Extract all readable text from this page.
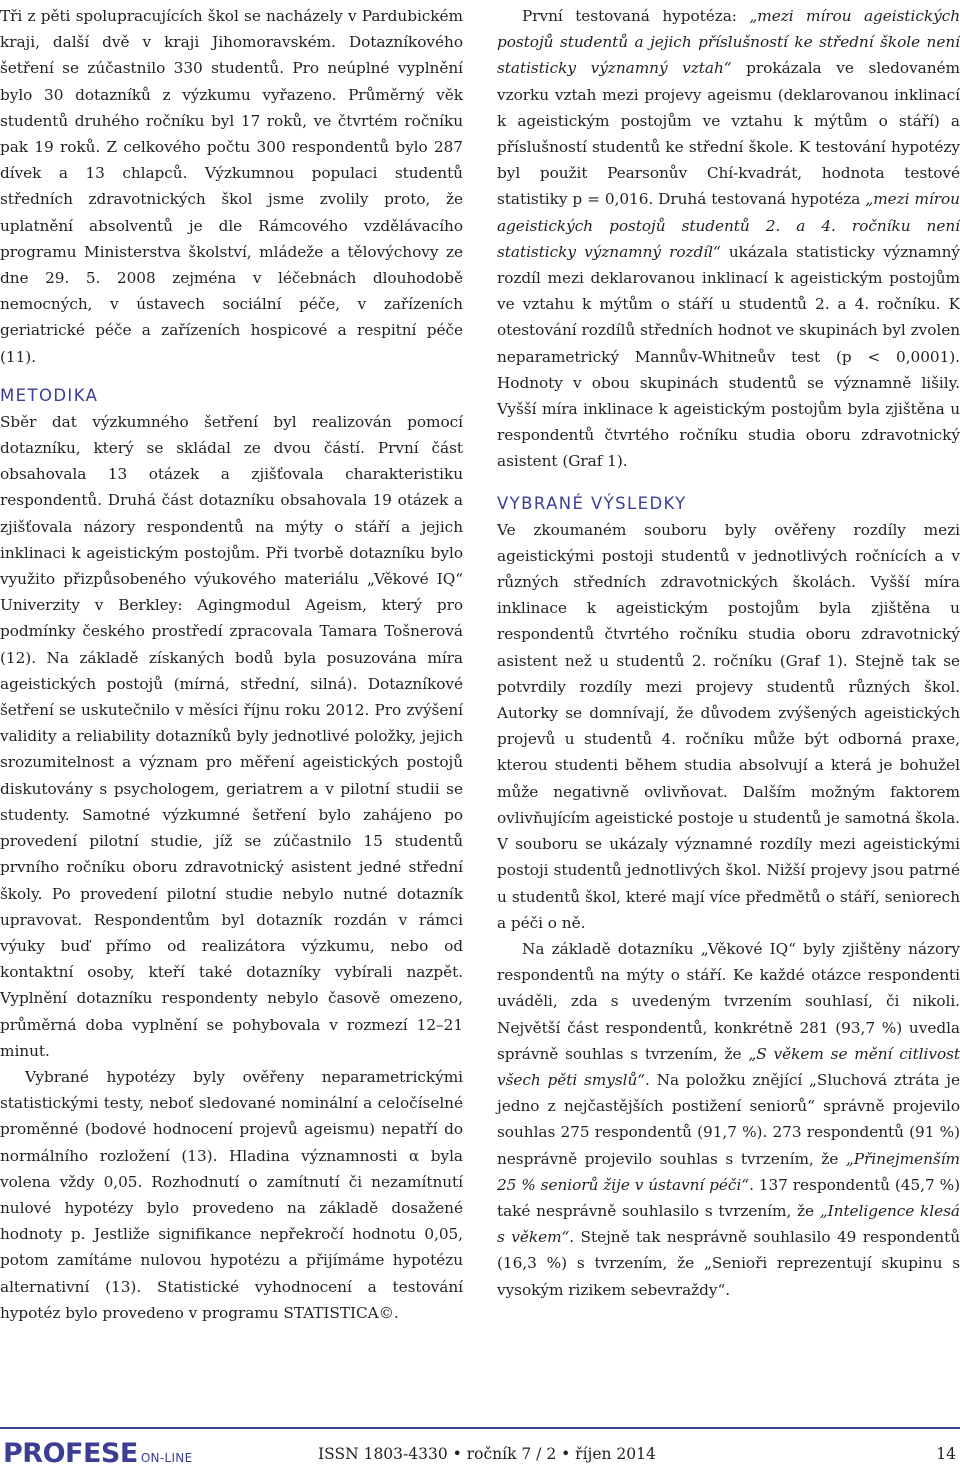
Tři z pěti spolupracujících škol se nacházely v Pardubickém kraji, další dvě v kraji Jihomoravském. Dotazníkového šetření se zúčastnilo 330 studentů. Pro neúplné vyplnění bylo 30 dotazníků z výzkumu vyřazeno. Průměrný věk studentů druhého ročníku byl 17 roků, ve čtvrtém ročníku pak 19 roků. Z celkového počtu 300 respondentů bylo 287 dívek a 13 chlapců. Výzkumnou populaci studentů středních zdravotnických škol jsme zvolily proto, že uplatnění absolventů je dle Rámcového vzdělávacího programu Ministerstva školství, mládeže a tělovýchovy ze dne 29. 5. 2008 zejména v léčebnách dlouhodobě nemocných, v ústavech sociální péče, v zařízeních geriatrické péče a zařízeních hospicové a respitní péče (11).

METODIKA

Sběr dat výzkumného šetření byl realizován pomocí dotazníku, který se skládal ze dvou částí. První část obsahovala 13 otázek a zjišťovala charakteristiku respondentů. Druhá část dotazníku obsahovala 19 otázek a zjišťovala názory respondentů na mýty o stáří a jejich inklinaci k ageistickým postojům. Při tvorbě dotazníku bylo využito přizpůsobeného výukového materiálu „Věkové IQ“ Univerzity v Berkley: Agingmodul Ageism, který pro podmínky českého prostředí zpracovala Tamara Tošnerová (12). Na základě získaných bodů byla posuzována míra ageistických postojů (mírná, střední, silná). Dotazníkové šetření se uskutečnilo v měsíci říjnu roku 2012. Pro zvýšení validity a reliability dotazníků byly jednotlivé položky, jejich srozumitelnost a význam pro měření ageistických postojů diskutovány s psychologem, geriatrem a v pilotní studii se studenty. Samotné výzkumné šetření bylo zahájeno po provedení pilotní studie, jíž se zúčastnilo 15 studentů prvního ročníku oboru zdravotnický asistent jedné střední školy. Po provedení pilotní studie nebylo nutné dotazník upravovat. Respondentům byl dotazník rozdán v rámci výuky buď přímo od realizátora výzkumu, nebo od kontaktní osoby, kteří také dotazníky vybírali nazpět. Vyplnění dotazníku respondenty nebylo časově omezeno, průměrná doba vyplnění se pohybovala v rozmezí 12–21 minut.

Vybrané hypotézy byly ověřeny neparametrickými statistickými testy, neboť sledované nominální a celočíselné proměnné (bodové hodnocení projevů ageismu) nepatří do normálního rozložení (13). Hladina významnosti α byla volena vždy 0,05. Rozhodnutí o zamítnutí či nezamítnutí nulové hypotézy bylo provedeno na základě dosažené hodnoty p. Jestliže signifikance nepřekročí hodnotu 0,05, potom zamítáme nulovou hypotézu a přijímáme hypotézu alternativní (13). Statistické vyhodnocení a testování hypotéz bylo provedeno v programu STATISTICA©.

První testovaná hypotéza: „mezi mírou ageistických postojů studentů a jejich příslušností ke střední škole není statisticky významný vztah“ prokázala ve sledovaném vzorku vztah mezi projevy ageismu (deklarovanou inklinací k ageistickým postojům ve vztahu k mýtům o stáří) a příslušností studentů ke střední škole. K testování hypotézy byl použit Pearsonův Chí-kvadrát, hodnota testové statistiky p = 0,016. Druhá testovaná hypotéza „mezi mírou ageistických postojů studentů 2. a 4. ročníku není statisticky významný rozdíl“ ukázala statisticky významný rozdíl mezi deklarovanou inklinací k ageistickým postojům ve vztahu k mýtům o stáří u studentů 2. a 4. ročníku. K otestování rozdílů středních hodnot ve skupinách byl zvolen neparametrický Mannův-Whitneův test (p < 0,0001). Hodnoty v obou skupinách studentů se významně lišily. Vyšší míra inklinace k ageistickým postojům byla zjištěna u respondentů čtvrtého ročníku studia oboru zdravotnický asistent (Graf 1).

VYBRANÉ VÝSLEDKY

Ve zkoumaném souboru byly ověřeny rozdíly mezi ageistickými postoji studentů v jednotlivých ročnících a v různých středních zdravotnických školách. Vyšší míra inklinace k ageistickým postojům byla zjištěna u respondentů čtvrtého ročníku studia oboru zdravotnický asistent než u studentů 2. ročníku (Graf 1). Stejně tak se potvrdily rozdíly mezi projevy studentů různých škol. Autorky se domnívají, že důvodem zvýšených ageistických projevů u studentů 4. ročníku může být odborná praxe, kterou studenti během studia absolvují a která je bohužel může negativně ovlivňovat. Dalším možným faktorem ovlivňujícím ageistické postoje u studentů je samotná škola. V souboru se ukázaly významné rozdíly mezi ageistickými postoji studentů jednotlivých škol. Nižší projevy jsou patrné u studentů škol, které mají více předmětů o stáří, seniorech a péči o ně.

Na základě dotazníku „Věkové IQ“ byly zjištěny názory respondentů na mýty o stáří. Ke každé otázce respondenti uváděli, zda s uvedeným tvrzením souhlasí, či nikoli. Největší část respondentů, konkrétně 281 (93,7 %) uvedla správně souhlas s tvrzením, že „S věkem se mění citlivost všech pěti smyslů“. Na položku znějící „Sluchová ztráta je jedno z nejčastějších postižení seniorů“ správně projevilo souhlas 275 respondentů (91,7 %). 273 respondentů (91 %) nesprávně projevilo souhlas s tvrzením, že „Přinejmenším 25 % seniorů žije v ústavní péči“. 137 respondentů (45,7 %) také nesprávně souhlasilo s tvrzením, že „Inteligence klesá s věkem“. Stejně tak nesprávně souhlasilo 49 respondentů (16,3 %) s tvrzením, že „Senioři reprezentují skupinu s vysokým rizikem sebevraždy“.

PROFESE ON-LINE	ISSN 1803-4330 • ročník 7 / 2 • říjen 2014	14
